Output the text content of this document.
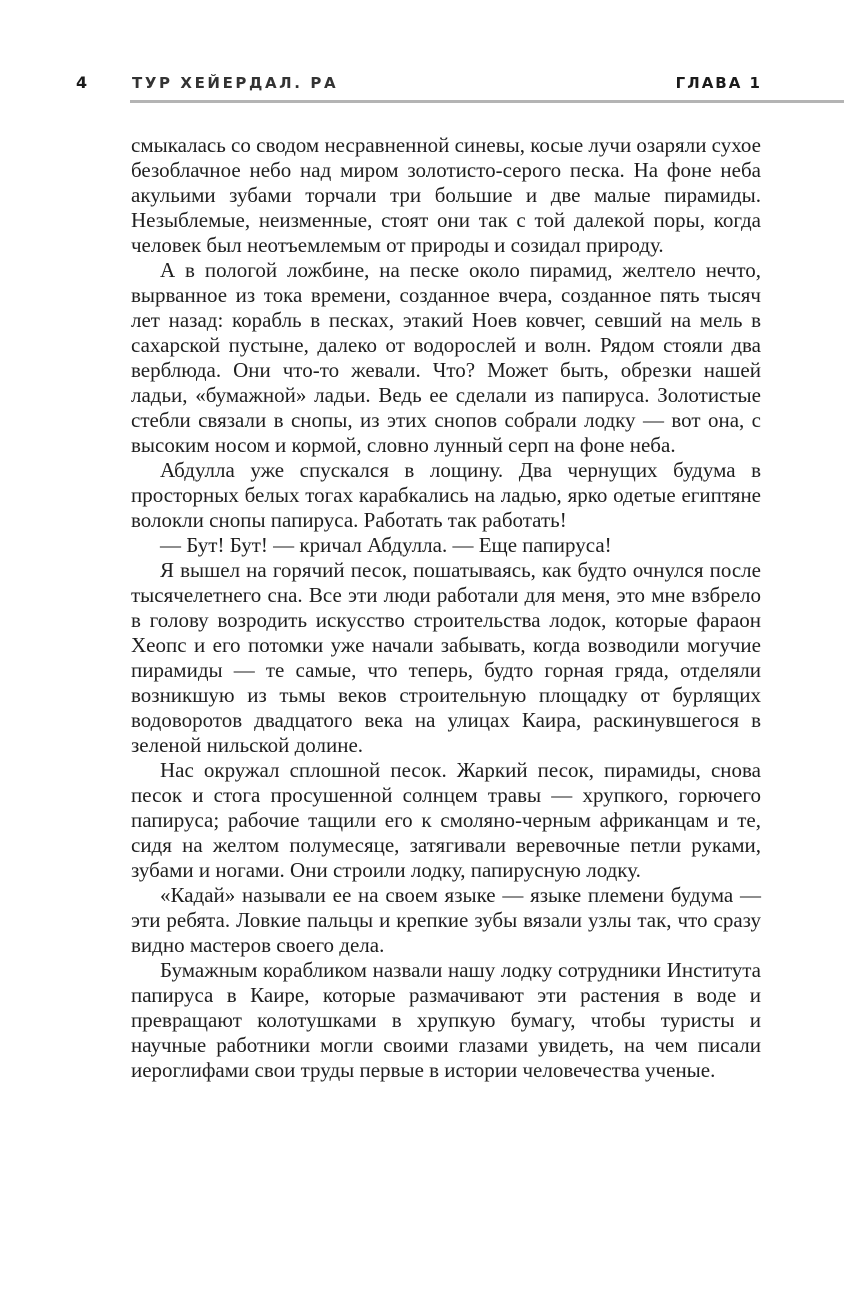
4	ТУР ХЕЙЕРДАЛ. РА	ГЛАВА 1

смыкалась со сводом несравненной синевы, косые лучи озаряли сухое безоблачное небо над миром золотисто-серого песка. На фоне неба акульими зубами торчали три большие и две малые пирамиды. Незыблемые, неизменные, стоят они так с той далекой поры, когда человек был неотъемлемым от природы и созидал природу.

А в пологой ложбине, на песке около пирамид, желтело нечто, вырванное из тока времени, созданное вчера, созданное пять тысяч лет назад: корабль в песках, этакий Ноев ковчег, севший на мель в сахарской пустыне, далеко от водорослей и волн. Рядом стояли два верблюда. Они что-то жевали. Что? Может быть, обрезки нашей ладьи, «бумажной» ладьи. Ведь ее сделали из папируса. Золотистые стебли связали в снопы, из этих снопов собрали лодку — вот она, с высоким носом и кормой, словно лунный серп на фоне неба.

Абдулла уже спускался в лощину. Два чернущих будума в просторных белых тогах карабкались на ладью, ярко одетые египтяне волокли снопы папируса. Работать так работать!

— Бут! Бут! — кричал Абдулла. — Еще папируса!

Я вышел на горячий песок, пошатываясь, как будто очнулся после тысячелетнего сна. Все эти люди работали для меня, это мне взбрело в голову возродить искусство строительства лодок, которые фараон Хеопс и его потомки уже начали забывать, когда возводили могучие пирамиды — те самые, что теперь, будто горная гряда, отделяли возникшую из тьмы веков строительную площадку от бурлящих водоворотов двадцатого века на улицах Каира, раскинувшегося в зеленой нильской долине.

Нас окружал сплошной песок. Жаркий песок, пирамиды, снова песок и стога просушенной солнцем травы — хрупкого, горючего папируса; рабочие тащили его к смоляно-черным африканцам и те, сидя на желтом полумесяце, затягивали веревочные петли руками, зубами и ногами. Они строили лодку, папирусную лодку.

«Кадай» называли ее на своем языке — языке племени будума — эти ребята. Ловкие пальцы и крепкие зубы вязали узлы так, что сразу видно мастеров своего дела.

Бумажным корабликом назвали нашу лодку сотрудники Института папируса в Каире, которые размачивают эти растения в воде и превращают колотушками в хрупкую бумагу, чтобы туристы и научные работники могли своими глазами увидеть, на чем писали иероглифами свои труды первые в истории человечества ученые.
